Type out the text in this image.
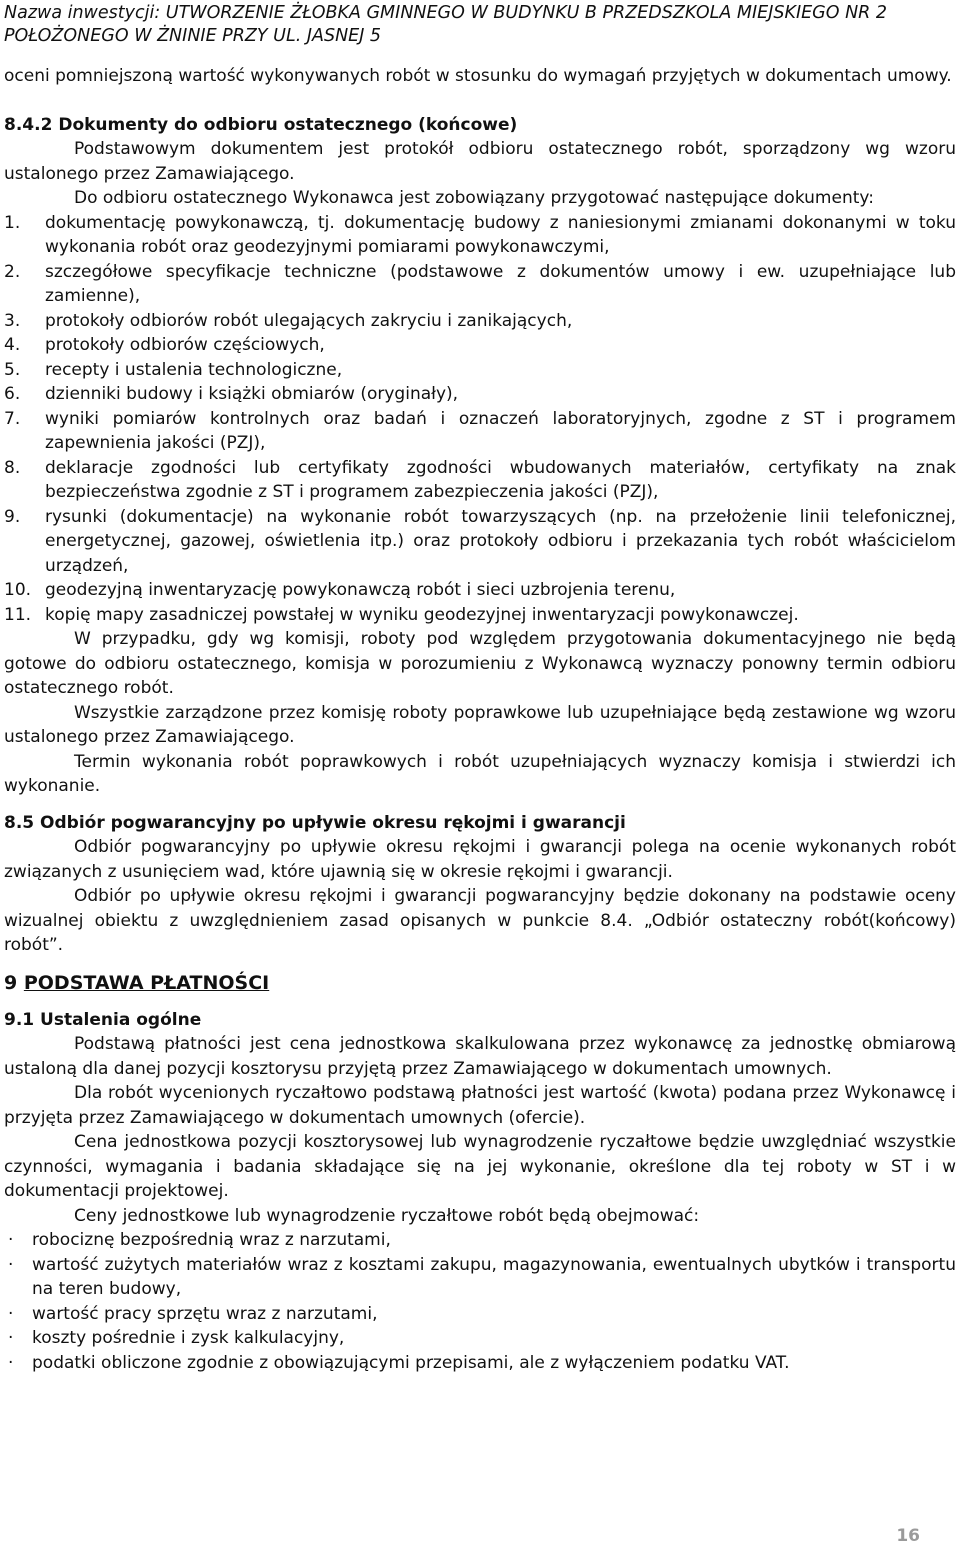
Nazwa inwestycji: UTWORZENIE ŻŁOBKA GMINNEGO W BUDYNKU B PRZEDSZKOLA MIEJSKIEGO NR 2
POŁOŻONEGO W ŻNINIE PRZY UL. JASNEJ 5

oceni pomniejszoną wartość wykonywanych robót w stosunku do wymagań przyjętych w dokumentach umowy.

8.4.2 Dokumenty do odbioru ostatecznego (końcowe)

Podstawowym dokumentem jest protokół odbioru ostatecznego robót, sporządzony wg wzoru ustalonego przez Zamawiającego.

Do odbioru ostatecznego Wykonawca jest zobowiązany przygotować następujące dokumenty:

1. dokumentację powykonawczą, tj. dokumentację budowy z naniesionymi zmianami dokonanymi w toku wykonania robót oraz geodezyjnymi pomiarami powykonawczymi,
2. szczegółowe specyfikacje techniczne (podstawowe z dokumentów umowy i ew. uzupełniające lub zamienne),
3. protokoły odbiorów robót ulegających zakryciu i zanikających,
4. protokoły odbiorów częściowych,
5. recepty i ustalenia technologiczne,
6. dzienniki budowy i książki obmiarów (oryginały),
7. wyniki pomiarów kontrolnych oraz badań i oznaczeń laboratoryjnych, zgodne z ST i programem zapewnienia jakości (PZJ),
8. deklaracje zgodności lub certyfikaty zgodności wbudowanych materiałów, certyfikaty na znak bezpieczeństwa zgodnie z ST i programem zabezpieczenia jakości (PZJ),
9. rysunki (dokumentacje) na wykonanie robót towarzyszących (np. na przełożenie linii telefonicznej, energetycznej, gazowej, oświetlenia itp.) oraz protokoły odbioru i przekazania tych robót właścicielom urządzeń,
10. geodezyjną inwentaryzację powykonawczą robót i sieci uzbrojenia terenu,
11. kopię mapy zasadniczej powstałej w wyniku geodezyjnej inwentaryzacji powykonawczej.

W przypadku, gdy wg komisji, roboty pod względem przygotowania dokumentacyjnego nie będą gotowe do odbioru ostatecznego, komisja w porozumieniu z Wykonawcą wyznaczy ponowny termin odbioru ostatecznego robót.

Wszystkie zarządzone przez komisję roboty poprawkowe lub uzupełniające będą zestawione wg wzoru ustalonego przez Zamawiającego.

Termin wykonania robót poprawkowych i robót uzupełniających wyznaczy komisja i stwierdzi ich wykonanie.

8.5 Odbiór pogwarancyjny po upływie okresu rękojmi i gwarancji

Odbiór pogwarancyjny po upływie okresu rękojmi i gwarancji polega na ocenie wykonanych robót związanych z usunięciem wad, które ujawnią się w okresie rękojmi i gwarancji.

Odbiór po upływie okresu rękojmi i gwarancji pogwarancyjny będzie dokonany na podstawie oceny wizualnej obiektu z uwzględnieniem zasad opisanych w punkcie 8.4. „Odbiór ostateczny robót(końcowy) robót”.

9 PODSTAWA PŁATNOŚCI
9.1 Ustalenia ogólne

Podstawą płatności jest cena jednostkowa skalkulowana przez wykonawcę za jednostkę obmiarową ustaloną dla danej pozycji kosztorysu przyjętą przez Zamawiającego w dokumentach umownych.

Dla robót wycenionych ryczałtowo podstawą płatności jest wartość (kwota) podana przez Wykonawcę i przyjęta przez Zamawiającego w dokumentach umownych (ofercie).

Cena jednostkowa pozycji kosztorysowej lub wynagrodzenie ryczałtowe będzie uwzględniać wszystkie czynności, wymagania i badania składające się na jej wykonanie, określone dla tej roboty w ST i w dokumentacji projektowej.

Ceny jednostkowe lub wynagrodzenie ryczałtowe robót będą obejmować:

· robociznę bezpośrednią wraz z narzutami,
· wartość zużytych materiałów wraz z kosztami zakupu, magazynowania, ewentualnych ubytków i transportu na teren budowy,
· wartość pracy sprzętu wraz z narzutami,
· koszty pośrednie i zysk kalkulacyjny,
· podatki obliczone zgodnie z obowiązującymi przepisami, ale z wyłączeniem podatku VAT.
16
